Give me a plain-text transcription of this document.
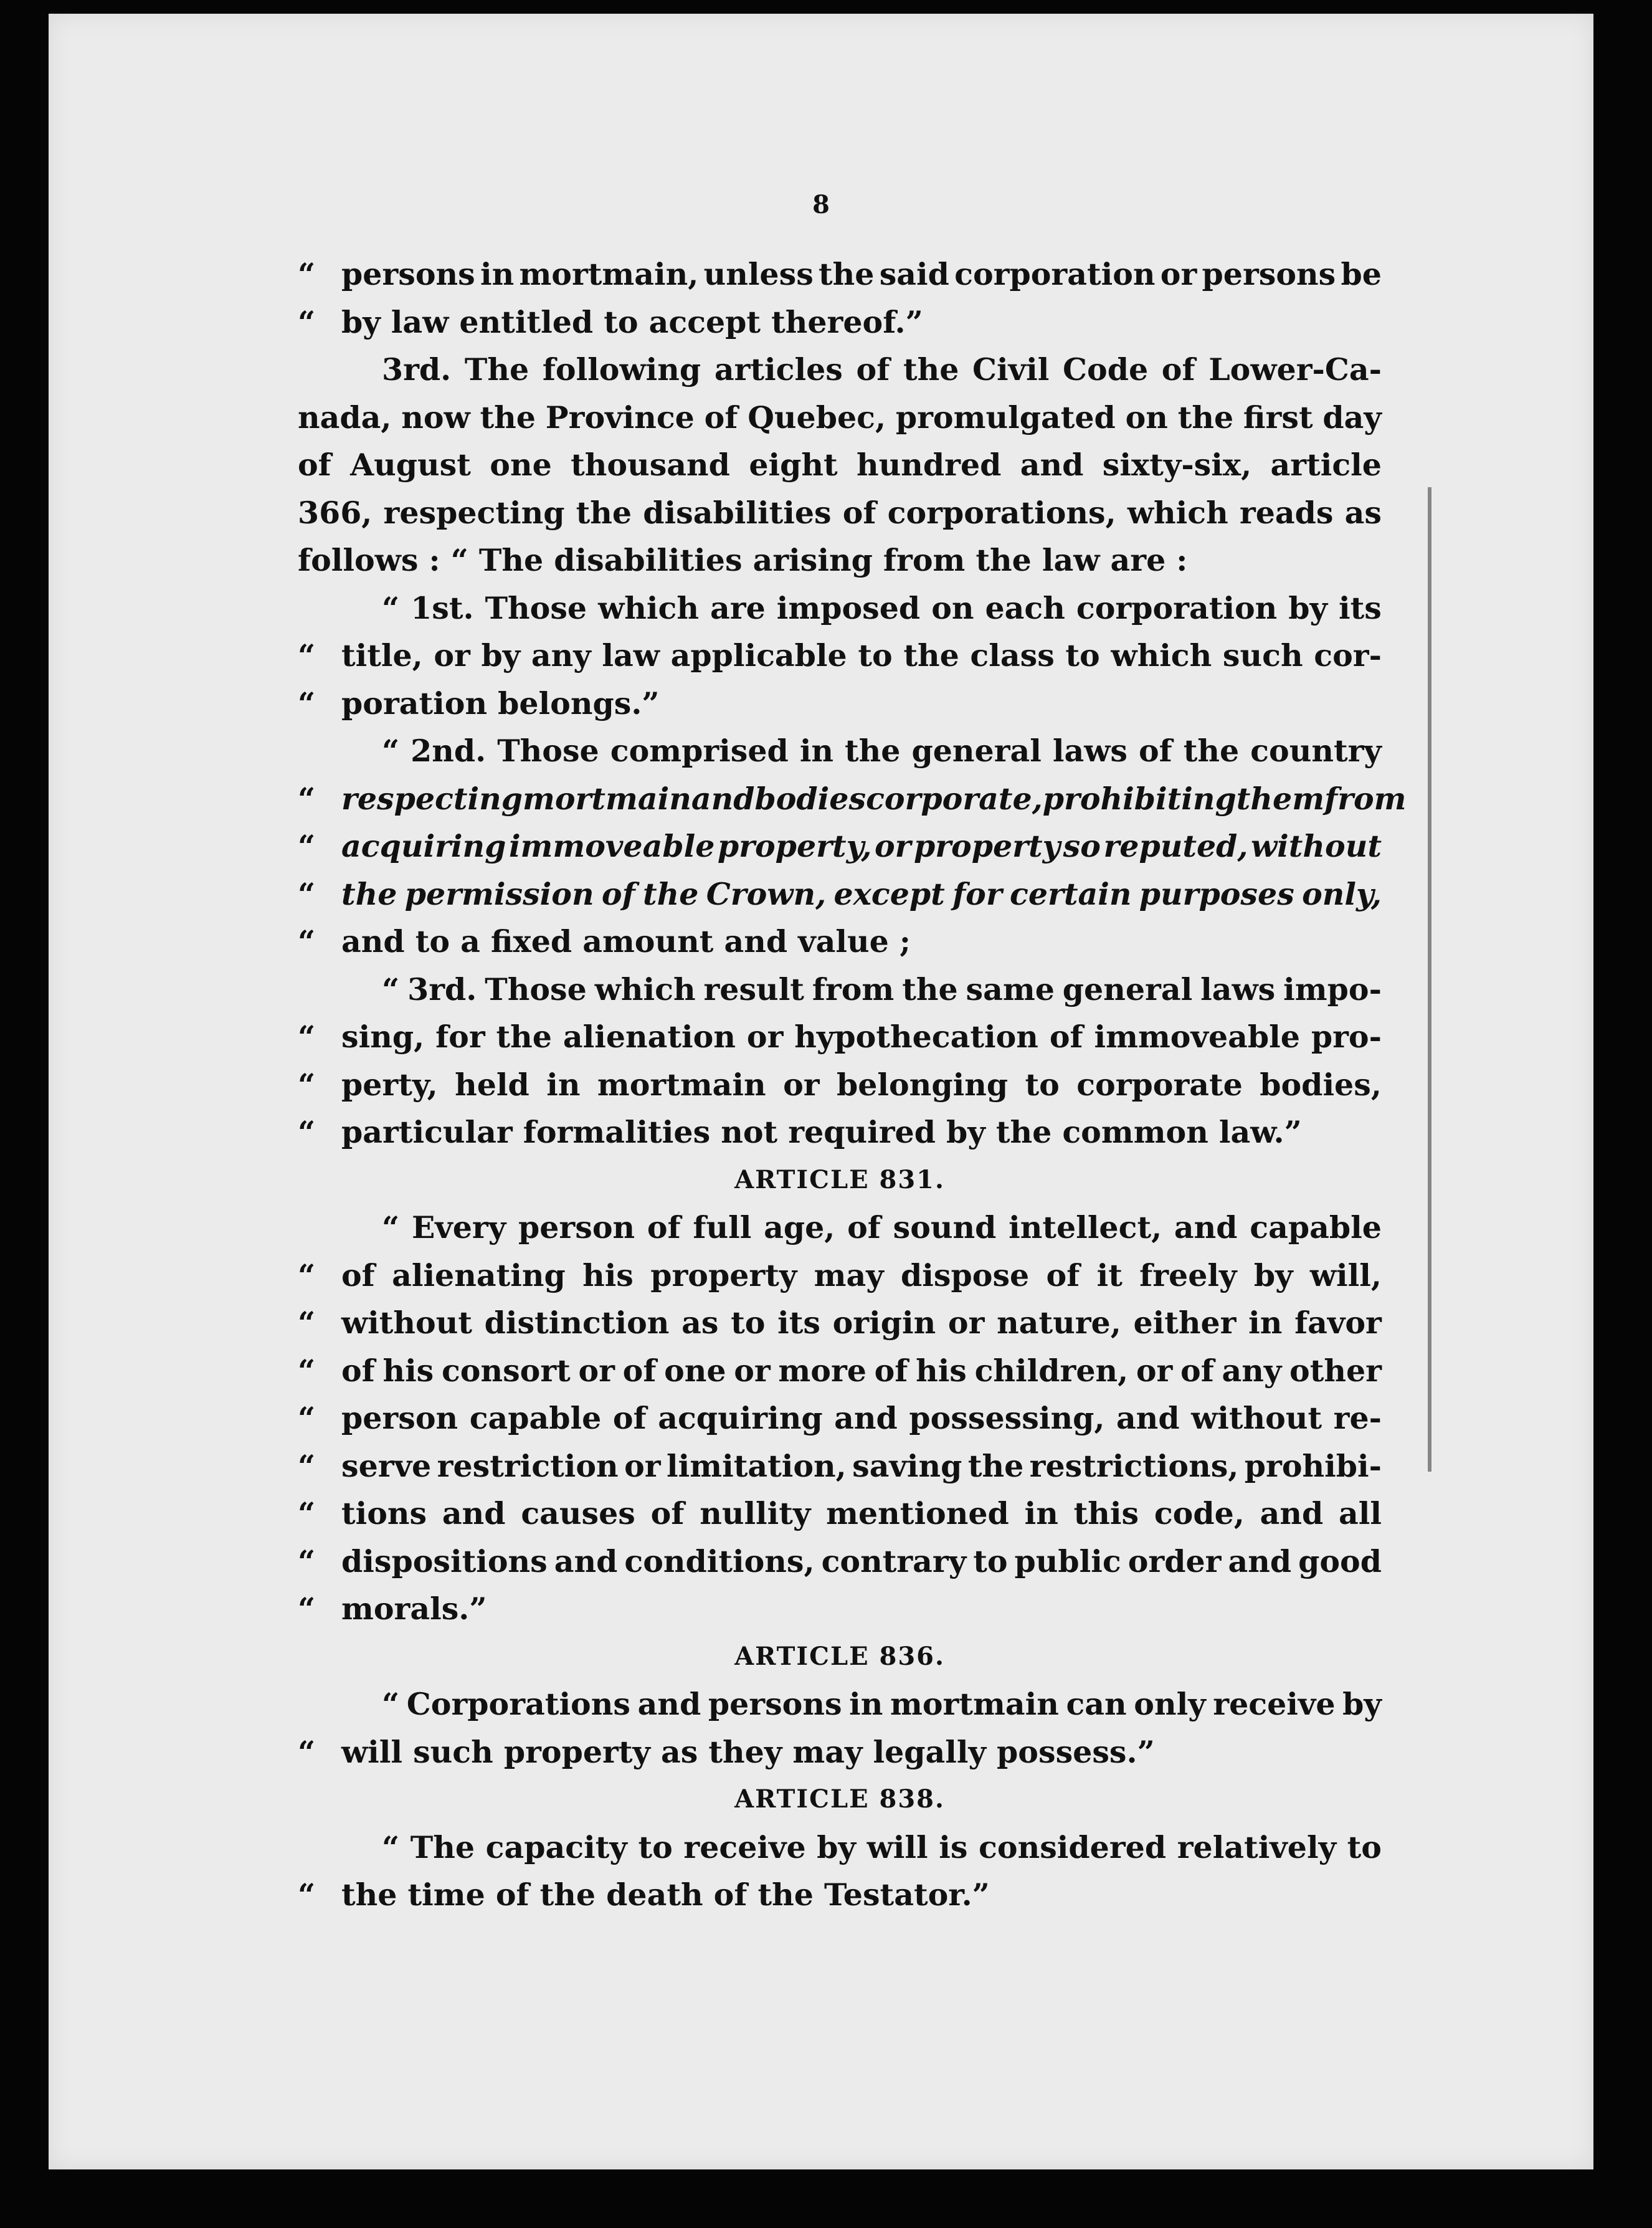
8
“ persons in mortmain, unless the said corporation or persons be
“ by law entitled to accept thereof.”
3rd. The following articles of the Civil Code of Lower-Ca-
nada, now the Province of Quebec, promulgated on the first day
of August one thousand eight hundred and sixty-six, article
366, respecting the disabilities of corporations, which reads as
follows : “ The disabilities arising from the law are :
“ 1st. Those which are imposed on each corporation by its
“ title, or by any law applicable to the class to which such cor-
“ poration belongs.”
“ 2nd. Those comprised in the general laws of the country
“ respecting mortmain and bodies corporate, prohibiting them from
“ acquiring immoveable property, or property so reputed, without
“ the permission of the Crown, except for certain purposes only,
“ and to a fixed amount and value ;
“ 3rd. Those which result from the same general laws impo-
“ sing, for the alienation or hypothecation of immoveable pro-
“ perty, held in mortmain or belonging to corporate bodies,
“ particular formalities not required by the common law.”
ARTICLE 831.
“ Every person of full age, of sound intellect, and capable
“ of alienating his property may dispose of it freely by will,
“ without distinction as to its origin or nature, either in favor
“ of his consort or of one or more of his children, or of any other
“ person capable of acquiring and possessing, and without re-
“ serve restriction or limitation, saving the restrictions, prohibi-
“ tions and causes of nullity mentioned in this code, and all
“ dispositions and conditions, contrary to public order and good
“ morals.”
ARTICLE 836.
“ Corporations and persons in mortmain can only receive by
“ will such property as they may legally possess.”
ARTICLE 838.
“ The capacity to receive by will is considered relatively to
“ the time of the death of the Testator.”
